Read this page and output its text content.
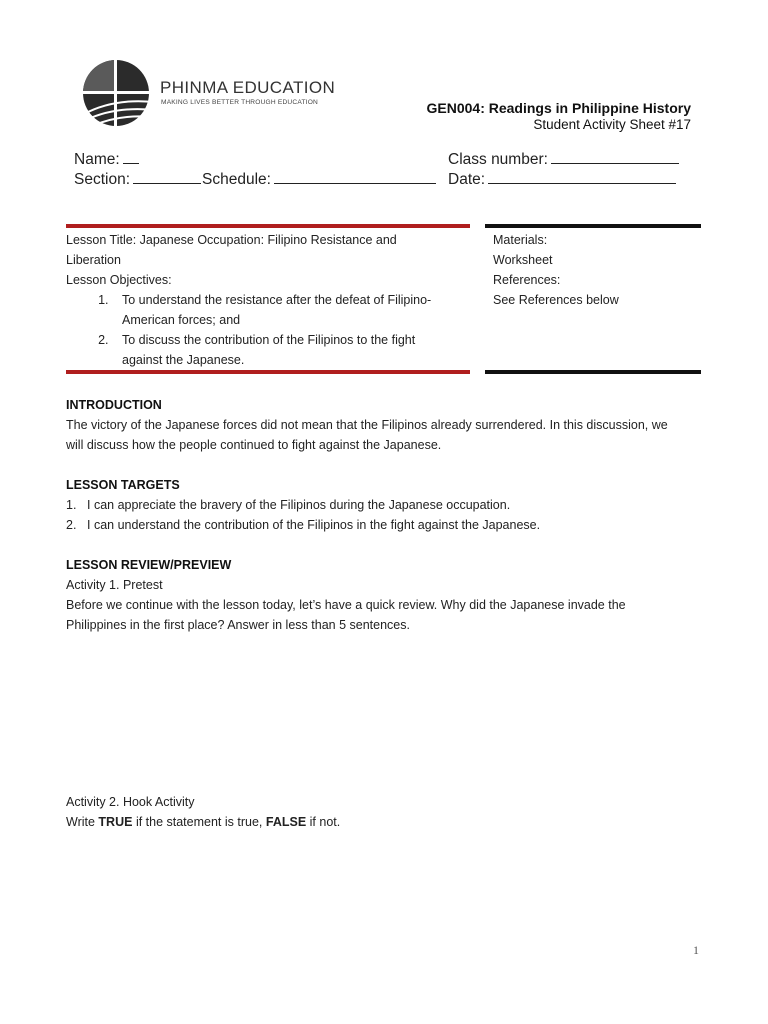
PHINMA EDUCATION
MAKING LIVES BETTER THROUGH EDUCATION	GEN004: Readings in Philippine History
Student Activity Sheet #17
Name:
Section:	Schedule:
Class number:
Date:
Lesson Title: Japanese Occupation: Filipino Resistance and
Liberation
Lesson Objectives:
1. To understand the resistance after the defeat of Filipino-
American forces; and
2. To discuss the contribution of the Filipinos to the fight
against the Japanese.
Materials:
Worksheet
References:
See References below
INTRODUCTION

The victory of the Japanese forces did not mean that the Filipinos already surrendered. In this discussion, we

will discuss how the people continued to fight against the Japanese.

LESSON TARGETS

1. I can appreciate the bravery of the Filipinos during the Japanese occupation.

2. I can understand the contribution of the Filipinos in the fight against the Japanese.

LESSON REVIEW/PREVIEW

Activity 1. Pretest

Before we continue with the lesson today, let’s have a quick review. Why did the Japanese invade the

Philippines in the first place? Answer in less than 5 sentences.

Activity 2. Hook Activity

Write TRUE if the statement is true, FALSE if not.

1
